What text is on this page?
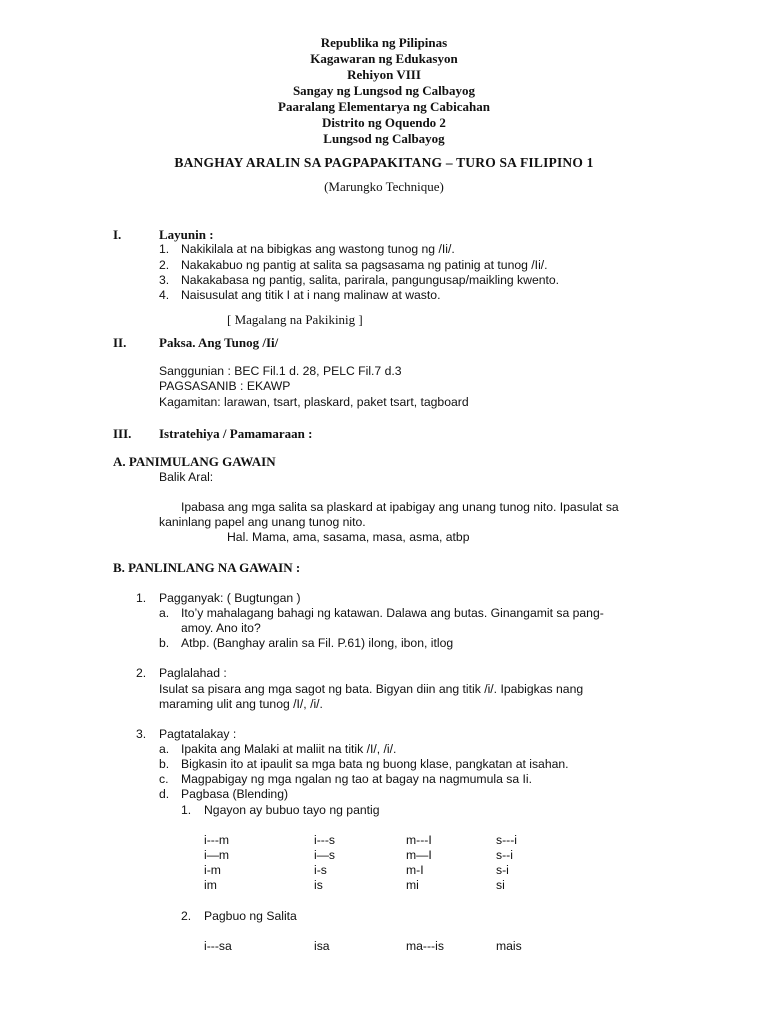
Republika ng Pilipinas
Kagawaran ng Edukasyon
Rehiyon VIII
Sangay ng Lungsod ng Calbayog
Paaralang Elementarya ng Cabicahan
Distrito ng Oquendo 2
Lungsod ng Calbayog
BANGHAY ARALIN SA PAGPAPAKITANG – TURO SA FILIPINO 1
(Marungko Technique)
I.	Layunin :
1. Nakikilala at na bibigkas ang wastong tunog ng /Ii/.
2. Nakakabuo ng pantig at salita sa pagsasama ng patinig at tunog /Ii/.
3. Nakakabasa ng pantig, salita, parirala, pangungusap/maikling kwento.
4. Naisusulat ang titik I at i nang malinaw at wasto.
[ Magalang na Pakikinig ]
II.	Paksa. Ang Tunog /Ii/
Sanggunian : BEC Fil.1 d. 28, PELC Fil.7 d.3
PAGSASANIB : EKAWP
Kagamitan: larawan, tsart, plaskard, paket tsart, tagboard
III. Istratehiya / Pamamaraan :
A. PANIMULANG GAWAIN
Balik Aral:
Ipabasa ang mga salita sa plaskard at ipabigay ang unang tunog nito. Ipasulat sa
kaninlang papel ang unang tunog nito.
Hal. Mama, ama, sasama, masa, asma, atbp
B. PANLINLANG NA GAWAIN :
1. Pagganyak: ( Bugtungan )
a. Ito’y mahalagang bahagi ng katawan. Dalawa ang butas. Ginangamit sa pang-
amoy. Ano ito?
b. Atbp. (Banghay aralin sa Fil. P.61) ilong, ibon, itlog
2. Paglalahad :
Isulat sa pisara ang mga sagot ng bata. Bigyan diin ang titik /i/. Ipabigkas nang
maraming ulit ang tunog /I/, /i/.
3. Pagtatalakay :
a. Ipakita ang Malaki at maliit na titik /I/, /i/.
b. Bigkasin ito at ipaulit sa mga bata ng buong klase, pangkatan at isahan.
c. Magpabigay ng mga ngalan ng tao at bagay na nagmumula sa Ii.
d. Pagbasa (Blending)
1. Ngayon ay bubuo tayo ng pantig
i---m	i---s	m---I	s---i
i—m	i—s	m—I	s--i
i-m	i-s	m-I	s-i
im	is	mi	si
2. Pagbuo ng Salita
i---sa	isa	ma---is	mais
